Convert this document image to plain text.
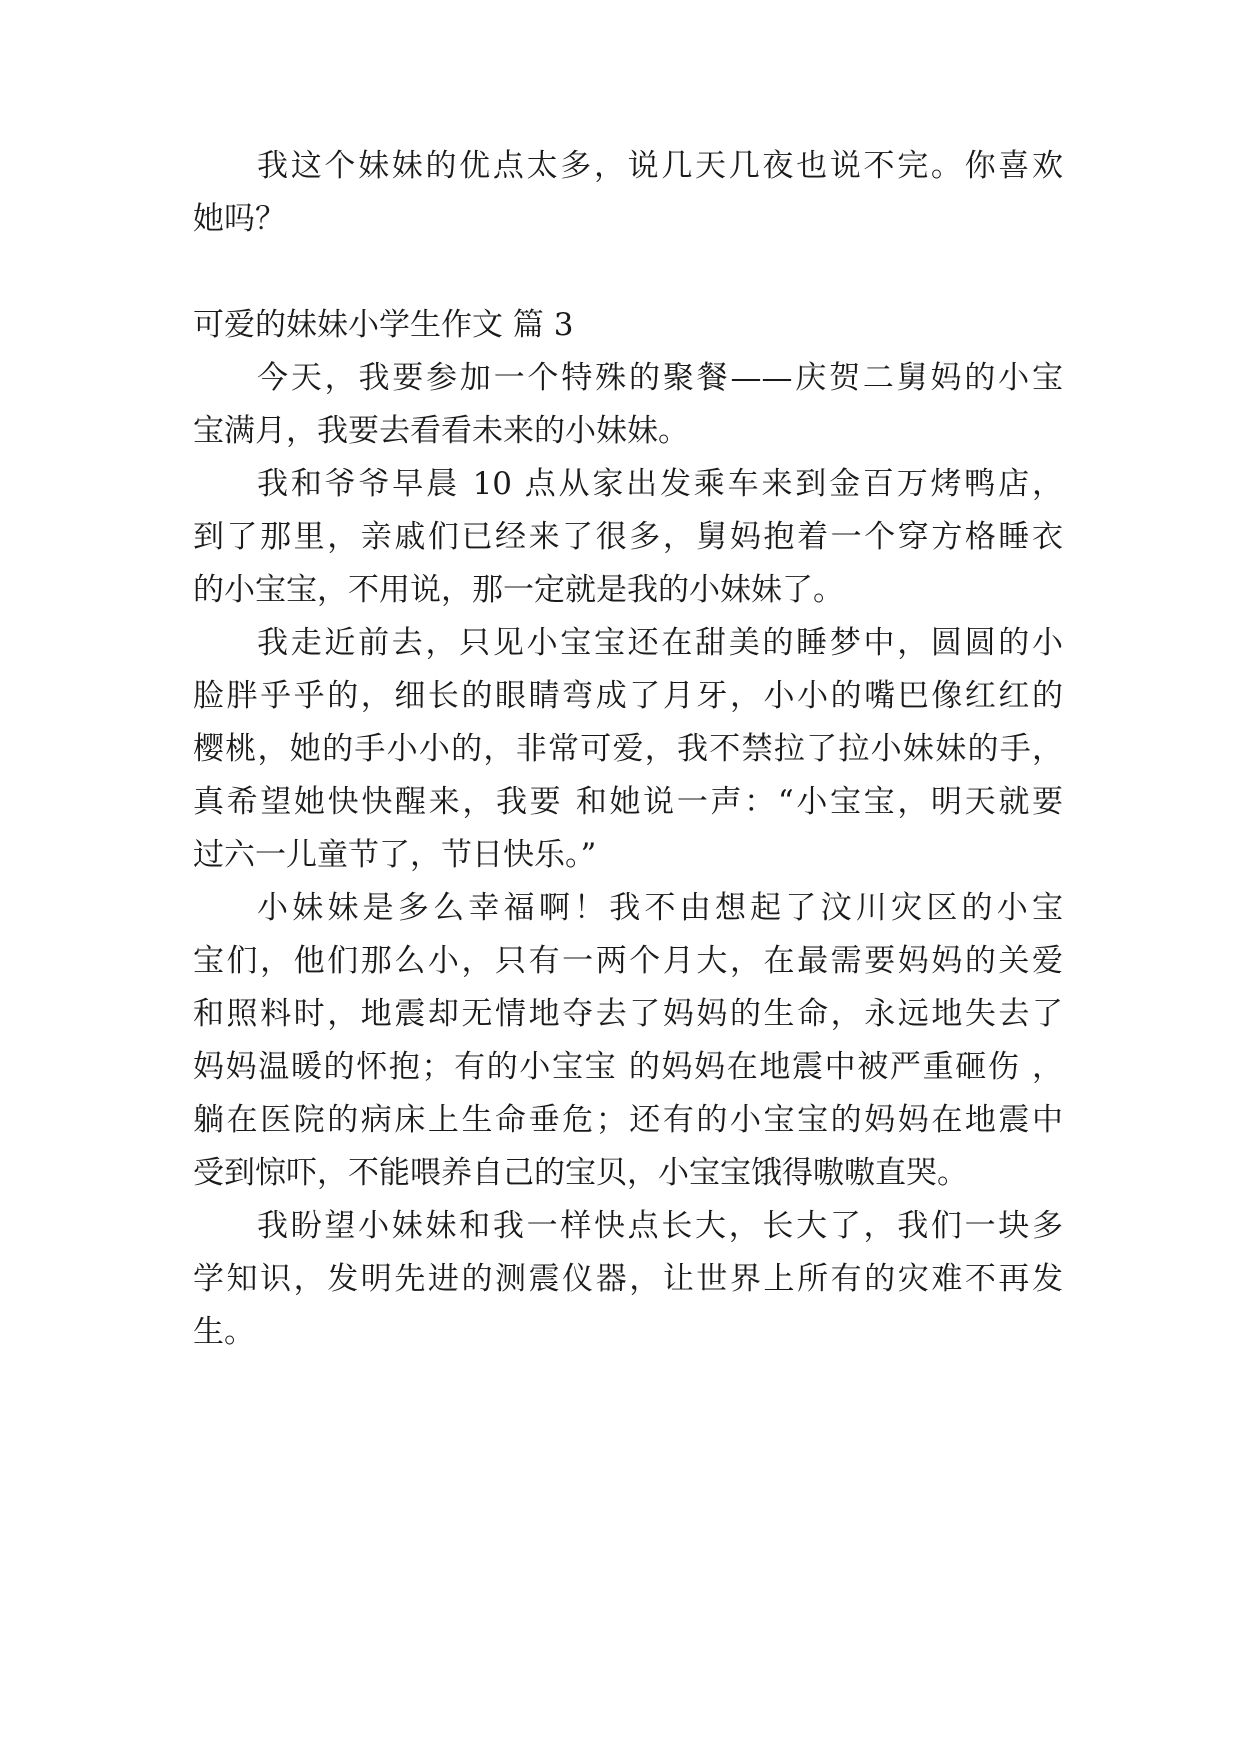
我这个妹妹的优点太多，说几天几夜也说不完。你喜欢

她吗？

可爱的妹妹小学生作文 篇 3

今天，我要参加一个特殊的聚餐——庆贺二舅妈的小宝

宝满月，我要去看看未来的小妹妹。

我和爷爷早晨 10 点从家出发乘车来到金百万烤鸭店，

到了那里，亲戚们已经来了很多，舅妈抱着一个穿方格睡衣

的小宝宝，不用说，那一定就是我的小妹妹了。

我走近前去，只见小宝宝还在甜美的睡梦中，圆圆的小

脸胖乎乎的，细长的眼睛弯成了月牙，小小的嘴巴像红红的

樱桃，她的手小小的，非常可爱，我不禁拉了拉小妹妹的手，

真希望她快快醒来，我要 和她说一声：“小宝宝，明天就要

过六一儿童节了，节日快乐。”

小妹妹是多么幸福啊！我不由想起了汶川灾区的小宝

宝们，他们那么小，只有一两个月大，在最需要妈妈的关爱

和照料时，地震却无情地夺去了妈妈的生命，永远地失去了

妈妈温暖的怀抱；有的小宝宝 的妈妈在地震中被严重砸伤 ，

躺在医院的病床上生命垂危；还有的小宝宝的妈妈在地震中

受到惊吓，不能喂养自己的宝贝，小宝宝饿得嗷嗷直哭。

我盼望小妹妹和我一样快点长大，长大了，我们一块多

学知识，发明先进的测震仪器，让世界上所有的灾难不再发

生。
